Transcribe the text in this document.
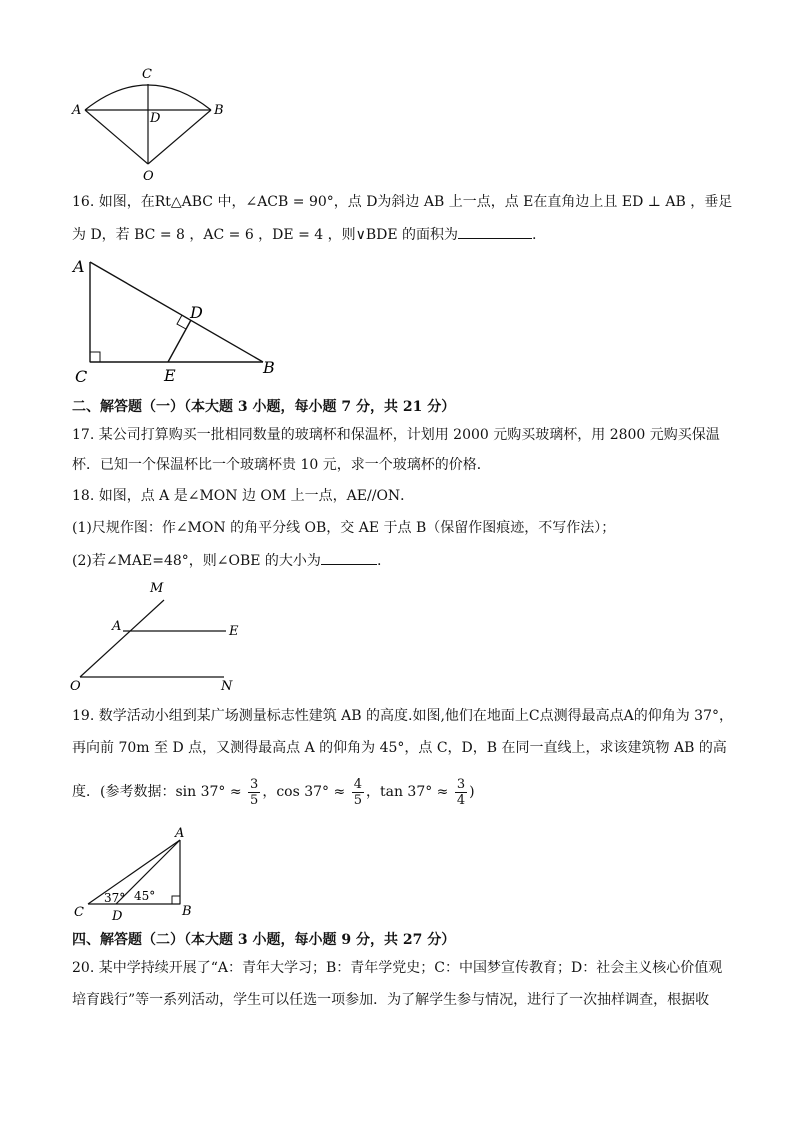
C
A	B
D
O
16. 如图，在Rt△ABC 中，∠ACB = 90°，点 D为斜边 AB 上一点，点 E在直角边上且 ED ⊥ AB ，垂足
为 D，若 BC = 8 ，AC = 6 ，DE = 4 ，则∨BDE 的面积为	.
A
D
B
C	E
二、解答题（一）（本大题 3 小题，每小题 7 分，共 21 分）
17. 某公司打算购买一批相同数量的玻璃杯和保温杯，计划用 2000 元购买玻璃杯，用 2800 元购买保温
杯．已知一个保温杯比一个玻璃杯贵 10 元，求一个玻璃杯的价格．
18. 如图，点 A 是∠MON 边 OM 上一点，AE//ON．
(1)尺规作图：作∠MON 的角平分线 OB，交 AE 于点 B（保留作图痕迹，不写作法）；
(2)若∠MAE=48°，则∠OBE 的大小为	.
M
A	E
O	N
19. 数学活动小组到某广场测量标志性建筑 AB 的高度.如图,他们在地面上C点测得最高点A的仰角为 37°，
再向前 70m 至 D 点，又测得最高点 A 的仰角为 45°，点 C，D，B 在同一直线上，求该建筑物 AB 的高
度．(参考数据：$\sin 37^\circ \approx \frac{3}{5}$ ，$\cos 37^\circ \approx \frac{4}{5}$ ，$\tan 37^\circ \approx \frac{3}{4}$ )
A
37° 45°
C D	B
四、解答题（二）（本大题 3 小题，每小题 9 分，共 27 分）
20. 某中学持续开展了“A：青年大学习；B：青年学党史；C：中国梦宣传教育；D：社会主义核心价值观
培育践行”等一系列活动，学生可以任选一项参加．为了解学生参与情况，进行了一次抽样调查，根据收
